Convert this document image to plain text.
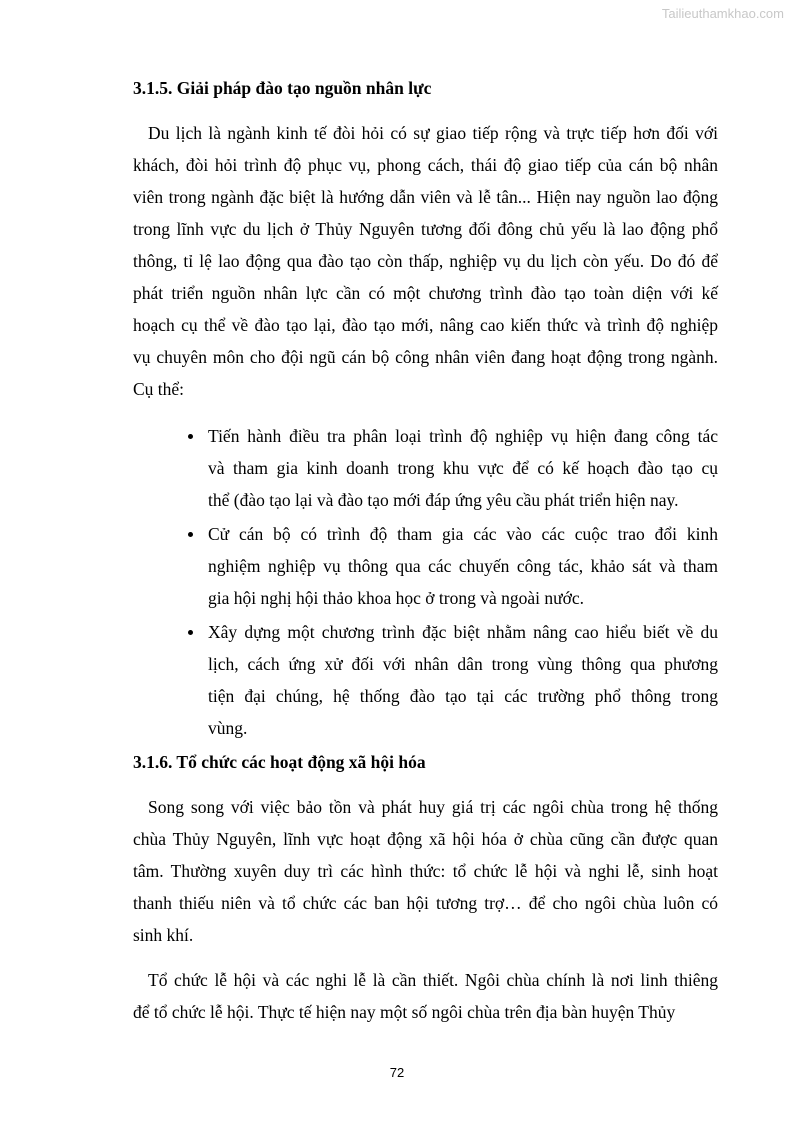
Tailieuthamkhao.com
3.1.5. Giải pháp đào tạo nguồn nhân lực
Du lịch là ngành kinh tế đòi hỏi có sự giao tiếp rộng và trực tiếp hơn đối với
khách, đòi hỏi trình độ phục vụ, phong cách, thái độ giao tiếp của cán bộ nhân
viên trong ngành đặc biệt là hướng dẫn viên và lễ tân... Hiện nay nguồn lao động
trong lĩnh vực du lịch ở Thủy Nguyên tương đối đông chủ yếu là lao động phổ
thông, tỉ lệ lao động qua đào tạo còn thấp, nghiệp vụ du lịch còn yếu. Do đó để
phát triển nguồn nhân lực cần có một chương trình đào tạo toàn diện với kế
hoạch cụ thể về đào tạo lại, đào tạo mới, nâng cao kiến thức và trình độ nghiệp
vụ chuyên môn cho đội ngũ cán bộ công nhân viên đang hoạt động trong ngành.
Cụ thể:
Tiến hành điều tra phân loại trình độ nghiệp vụ hiện đang công tác
và tham gia kinh doanh trong khu vực để có kế hoạch đào tạo cụ
thể (đào tạo lại và đào tạo mới đáp ứng yêu cầu phát triển hiện nay.
Cử cán bộ có trình độ tham gia các vào các cuộc trao đổi kinh
nghiệm nghiệp vụ thông qua các chuyến công tác, khảo sát và tham
gia hội nghị hội thảo khoa học ở trong và ngoài nước.
Xây dựng một chương trình đặc biệt nhằm nâng cao hiểu biết về du
lịch, cách ứng xử đối với nhân dân trong vùng thông qua phương
tiện đại chúng, hệ thống đào tạo tại các trường phổ thông trong
vùng.
3.1.6. Tổ chức các hoạt động xã hội hóa
Song song với việc bảo tồn và phát huy giá trị các ngôi chùa trong hệ thống
chùa Thủy Nguyên, lĩnh vực hoạt động xã hội hóa ở chùa cũng cần được quan
tâm. Thường xuyên duy trì các hình thức: tổ chức lễ hội và nghi lễ, sinh hoạt
thanh thiếu niên và tổ chức các ban hội tương trợ… để cho ngôi chùa luôn có
sinh khí.
Tổ chức lễ hội và các nghi lễ là cần thiết. Ngôi chùa chính là nơi linh thiêng
để tổ chức lễ hội. Thực tế hiện nay một số ngôi chùa trên địa bàn huyện Thủy
72
